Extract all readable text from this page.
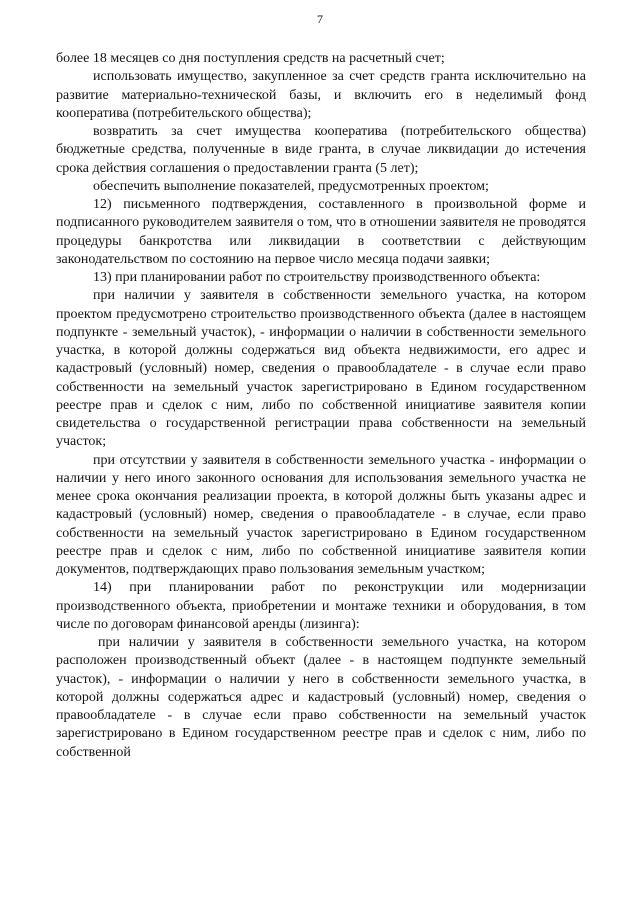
7

более 18 месяцев со дня поступления средств на расчетный счет;

использовать имущество, закупленное за счет средств гранта исключительно на развитие материально-технической базы, и включить его в неделимый фонд кооператива (потребительского общества);

возвратить за счет имущества кооператива (потребительского общества) бюджетные средства, полученные в виде гранта, в случае ликвидации до истечения срока действия соглашения о предоставлении гранта (5 лет);

обеспечить выполнение показателей, предусмотренных проектом;

12) письменного подтверждения, составленного в произвольной форме и подписанного руководителем заявителя о том, что в отношении заявителя не проводятся процедуры банкротства или ликвидации в соответствии с действующим законодательством по состоянию на первое число месяца подачи заявки;

13) при планировании работ по строительству производственного объекта:

при наличии у заявителя в собственности земельного участка, на котором проектом предусмотрено строительство производственного объекта (далее в настоящем подпункте - земельный участок), - информации о наличии в собственности земельного участка, в которой должны содержаться вид объекта недвижимости, его адрес и кадастровый (условный) номер, сведения о правообладателе - в случае если право собственности на земельный участок зарегистрировано в Едином государственном реестре прав и сделок с ним, либо по собственной инициативе заявителя копии свидетельства о государственной регистрации права собственности на земельный участок;

при отсутствии у заявителя в собственности земельного участка - информации о наличии у него иного законного основания для использования земельного участка не менее срока окончания реализации проекта, в которой должны быть указаны адрес и кадастровый (условный) номер, сведения о правообладателе - в случае, если право собственности на земельный участок зарегистрировано в Едином государственном реестре прав и сделок с ним, либо по собственной инициативе заявителя копии документов, подтверждающих право пользования земельным участком;

14) при планировании работ по реконструкции или модернизации производственного объекта, приобретении и монтаже техники и оборудования, в том числе по договорам финансовой аренды (лизинга):

при наличии у заявителя в собственности земельного участка, на котором расположен производственный объект (далее - в настоящем подпункте земельный участок), - информации о наличии у него в собственности земельного участка, в которой должны содержаться адрес и кадастровый (условный) номер, сведения о правообладателе - в случае если право собственности на земельный участок зарегистрировано в Едином государственном реестре прав и сделок с ним, либо по собственной
